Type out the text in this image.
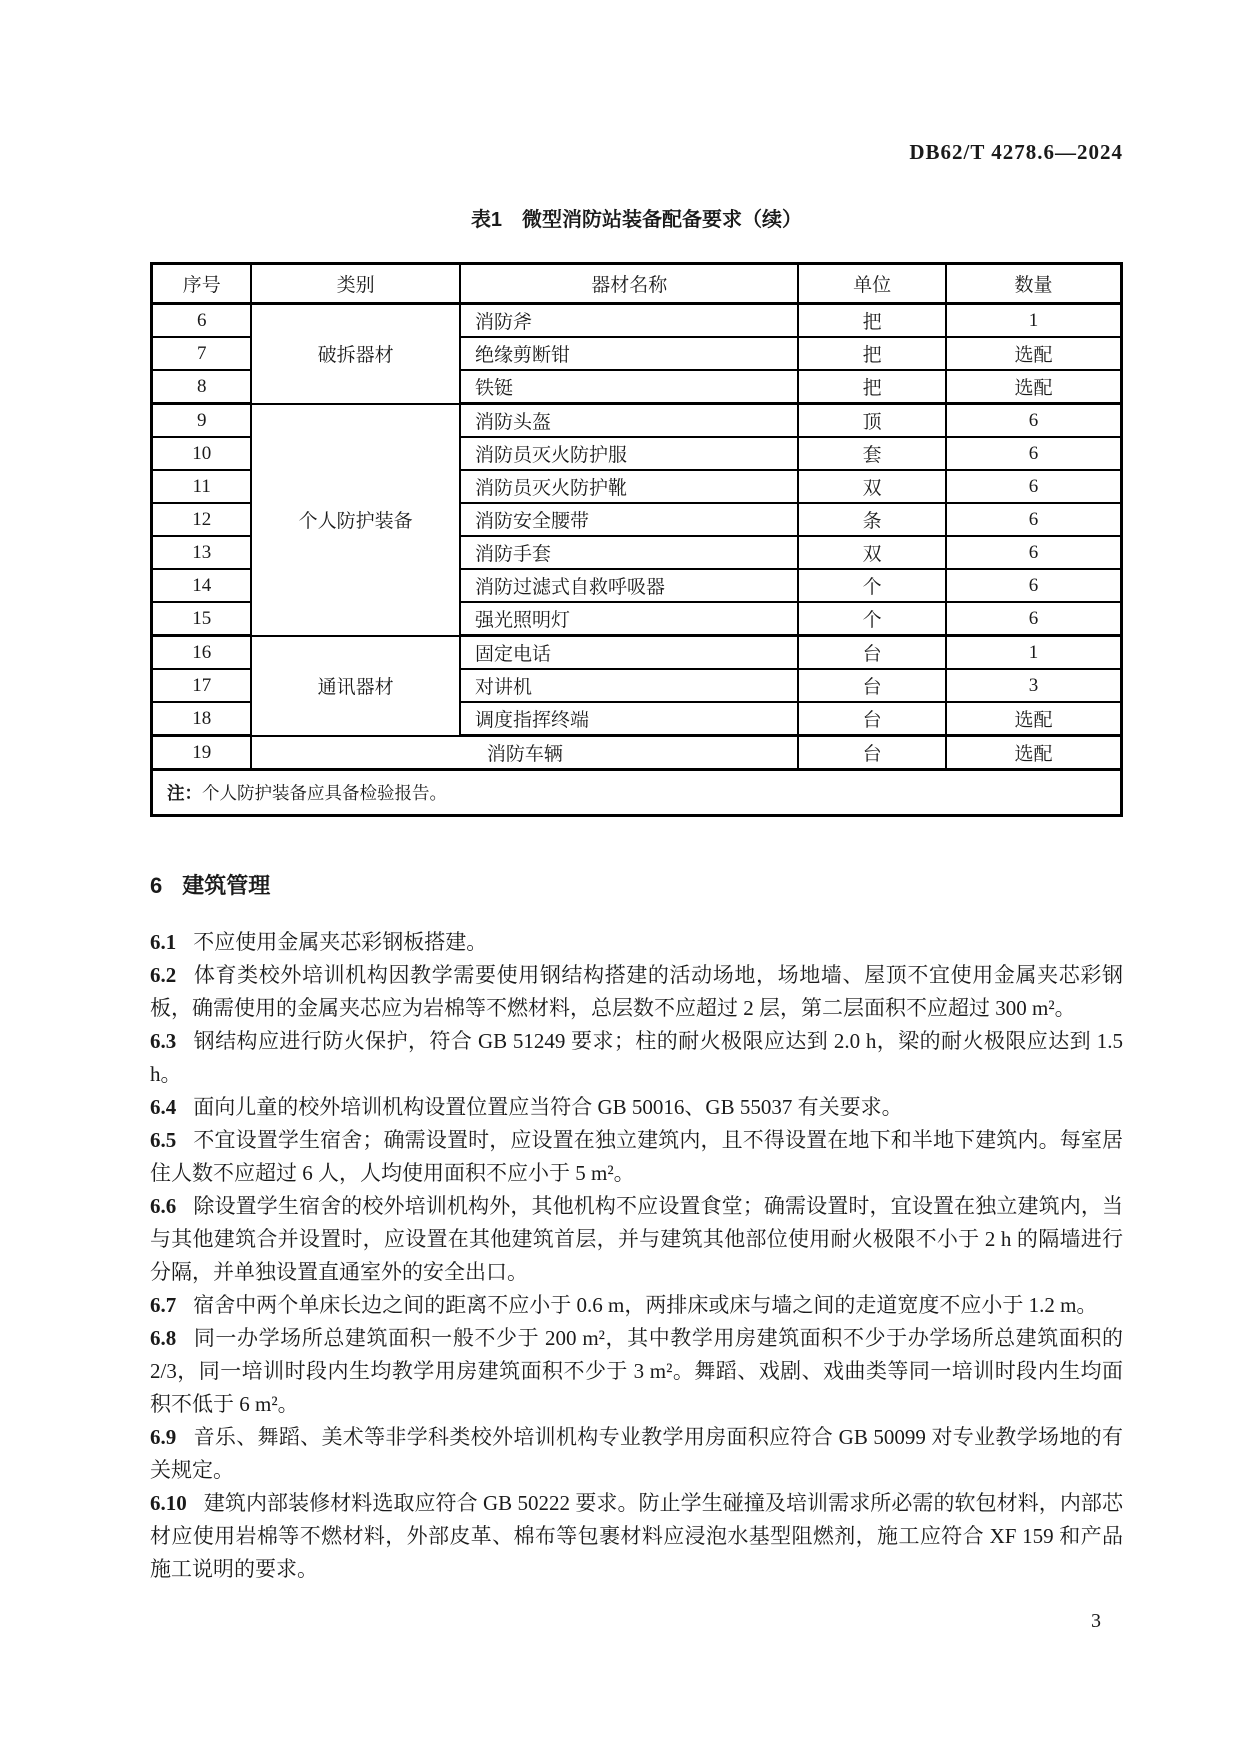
DB62/T 4278.6—2024
表1　微型消防站装备配备要求（续）
序号	类别	器材名称	单位	数量
6	破拆器材	消防斧	把	1
7		绝缘剪断钳	把	选配
8		铁铤	把	选配
9	个人防护装备	消防头盔	顶	6
10		消防员灭火防护服	套	6
11		消防员灭火防护靴	双	6
12		消防安全腰带	条	6
13		消防手套	双	6
14		消防过滤式自救呼吸器	个	6
15		强光照明灯	个	6
16	通讯器材	固定电话	台	1
17		对讲机	台	3
18		调度指挥终端	台	选配
19	消防车辆		台	选配
注：个人防护装备应具备检验报告。				
6 建筑管理

6.1 不应使用金属夹芯彩钢板搭建。

6.2 体育类校外培训机构因教学需要使用钢结构搭建的活动场地，场地墙、屋顶不宜使用金属夹芯彩钢板，确需使用的金属夹芯应为岩棉等不燃材料，总层数不应超过 2 层，第二层面积不应超过 300 m²。

6.3 钢结构应进行防火保护，符合 GB 51249 要求；柱的耐火极限应达到 2.0 h，梁的耐火极限应达到 1.5 h。

6.4 面向儿童的校外培训机构设置位置应当符合 GB 50016、GB 55037 有关要求。

6.5 不宜设置学生宿舍；确需设置时，应设置在独立建筑内，且不得设置在地下和半地下建筑内。每室居住人数不应超过 6 人，人均使用面积不应小于 5 m²。

6.6 除设置学生宿舍的校外培训机构外，其他机构不应设置食堂；确需设置时，宜设置在独立建筑内，当与其他建筑合并设置时，应设置在其他建筑首层，并与建筑其他部位使用耐火极限不小于 2 h 的隔墙进行分隔，并单独设置直通室外的安全出口。

6.7 宿舍中两个单床长边之间的距离不应小于 0.6 m，两排床或床与墙之间的走道宽度不应小于 1.2 m。

6.8 同一办学场所总建筑面积一般不少于 200 m²，其中教学用房建筑面积不少于办学场所总建筑面积的 2/3，同一培训时段内生均教学用房建筑面积不少于 3 m²。舞蹈、戏剧、戏曲类等同一培训时段内生均面积不低于 6 m²。

6.9 音乐、舞蹈、美术等非学科类校外培训机构专业教学用房面积应符合 GB 50099 对专业教学场地的有关规定。

6.10 建筑内部装修材料选取应符合 GB 50222 要求。防止学生碰撞及培训需求所必需的软包材料，内部芯材应使用岩棉等不燃材料，外部皮革、棉布等包裹材料应浸泡水基型阻燃剂，施工应符合 XF 159 和产品施工说明的要求。

3
